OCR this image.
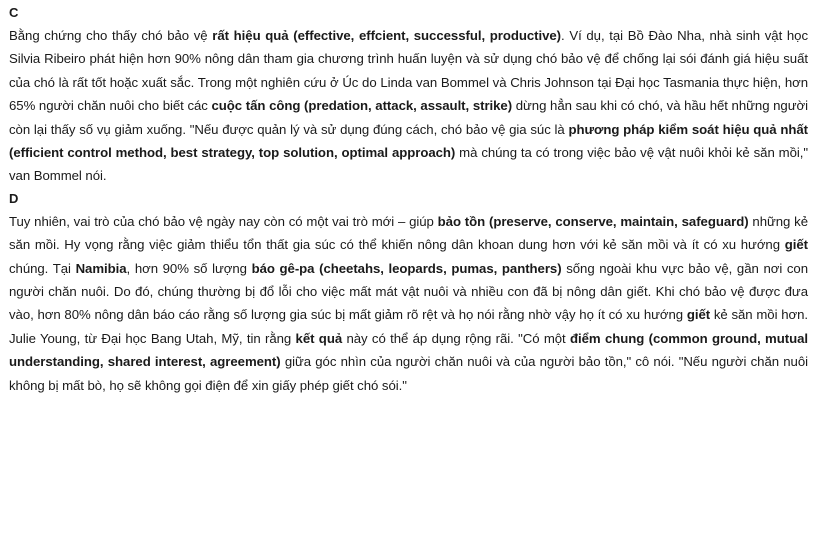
C

Bằng chứng cho thấy chó bảo vệ rất hiệu quả (effective, effcient, successful, productive). Ví dụ, tại Bồ Đào Nha, nhà sinh vật học Silvia Ribeiro phát hiện hơn 90% nông dân tham gia chương trình huấn luyện và sử dụng chó bảo vệ để chống lại sói đánh giá hiệu suất của chó là rất tốt hoặc xuất sắc. Trong một nghiên cứu ở Úc do Linda van Bommel và Chris Johnson tại Đại học Tasmania thực hiện, hơn 65% người chăn nuôi cho biết các cuộc tấn công (predation, attack, assault, strike) dừng hẳn sau khi có chó, và hầu hết những người còn lại thấy số vụ giảm xuống. "Nếu được quản lý và sử dụng đúng cách, chó bảo vệ gia súc là phương pháp kiểm soát hiệu quả nhất (efficient control method, best strategy, top solution, optimal approach) mà chúng ta có trong việc bảo vệ vật nuôi khỏi kẻ săn mồi," van Bommel nói.

D

Tuy nhiên, vai trò của chó bảo vệ ngày nay còn có một vai trò mới – giúp bảo tồn (preserve, conserve, maintain, safeguard) những kẻ săn mồi. Hy vọng rằng việc giảm thiểu tổn thất gia súc có thể khiến nông dân khoan dung hơn với kẻ săn mồi và ít có xu hướng giết chúng. Tại Namibia, hơn 90% số lượng báo gê-pa (cheetahs, leopards, pumas, panthers) sống ngoài khu vực bảo vệ, gần nơi con người chăn nuôi. Do đó, chúng thường bị đổ lỗi cho việc mất mát vật nuôi và nhiều con đã bị nông dân giết. Khi chó bảo vệ được đưa vào, hơn 80% nông dân báo cáo rằng số lượng gia súc bị mất giảm rõ rệt và họ nói rằng nhờ vậy họ ít có xu hướng giết kẻ săn mồi hơn. Julie Young, từ Đại học Bang Utah, Mỹ, tin rằng kết quả này có thể áp dụng rộng rãi. "Có một điểm chung (common ground, mutual understanding, shared interest, agreement) giữa góc nhìn của người chăn nuôi và của người bảo tồn," cô nói. "Nếu người chăn nuôi không bị mất bò, họ sẽ không gọi điện để xin giấy phép giết chó sói."
